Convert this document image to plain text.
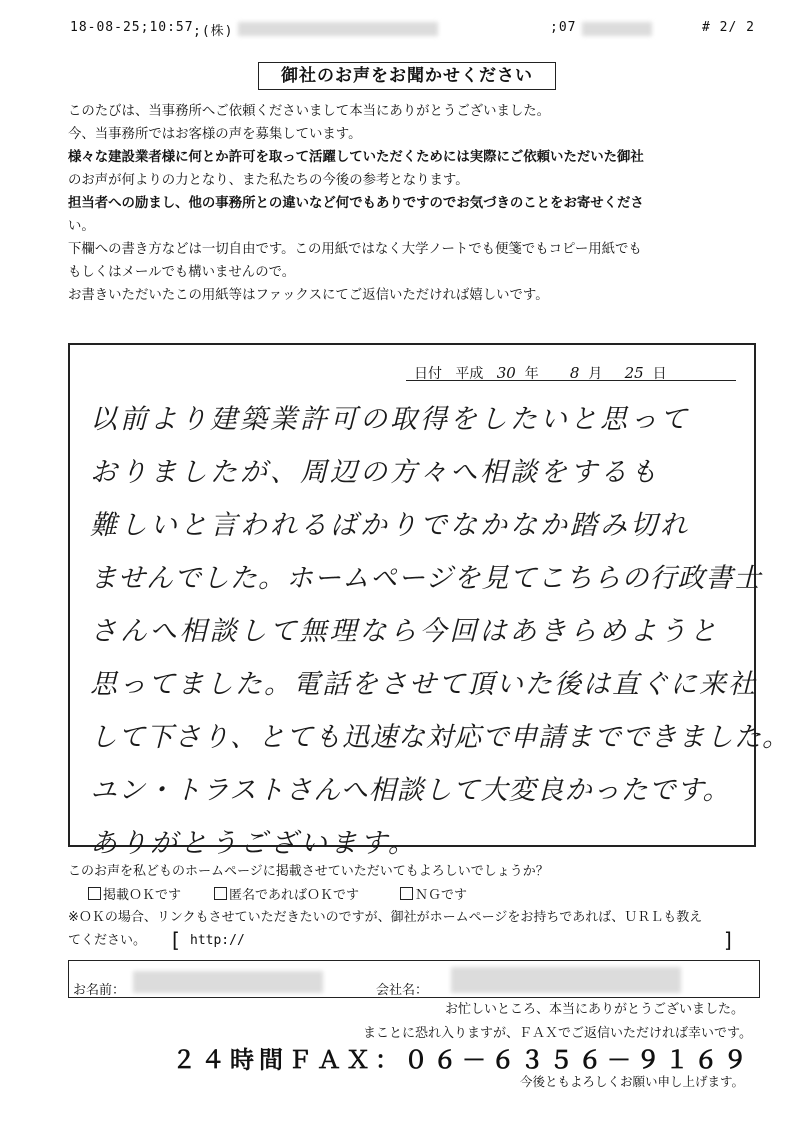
18-08-25;10:57 ;(株)	;07	# 2/ 2
御社のお声をお聞かせください

このたびは、当事務所へご依頼くださいまして本当にありがとうございました。

今、当事務所ではお客様の声を募集しています。

様々な建設業者様に何とか許可を取って活躍していただくためには実際にご依頼いただいた御社

のお声が何よりの力となり、また私たちの今後の参考となります。

担当者への励まし、他の事務所との違いなど何でもありですのでお気づきのことをお寄せくださ

い。

下欄への書き方などは一切自由です。この用紙ではなく大学ノートでも便箋でもコピー用紙でも

もしくはメールでも構いませんので。

お書きいただいたこの用紙等はファックスにてご返信いただければ嬉しいです。

日付 平成 30 年 8 月 25 日
以前より建築業許可の取得をしたいと思って
おりましたが、周辺の方々へ相談をするも
難しいと言われるばかりでなかなか踏み切れ
ませんでした。ホームページを見てこちらの行政書士
さんへ相談して無理なら今回はあきらめようと
思ってました。電話をさせて頂いた後は直ぐに来社
して下さり、とても迅速な対応で申請までできました。
ユン・トラストさんへ相談して大変良かったです。
ありがとうございます。
このお声を私どものホームページに掲載させていただいてもよろしいでしょうか？
掲載ＯＫです	匿名であればＯＫです	ＮＧです
※ＯＫの場合、リンクもさせていただきたいのですが、御社がホームページをお持ちであれば、ＵＲＬも教え
てください。 [ http://	]
お名前：	会社名：
お忙しいところ、本当にありがとうございました。
まことに恐れ入りますが、ＦＡＸでご返信いただければ幸いです。
２４時間ＦＡＸ：０６－６３５６－９１６９
今後ともよろしくお願い申し上げます。
